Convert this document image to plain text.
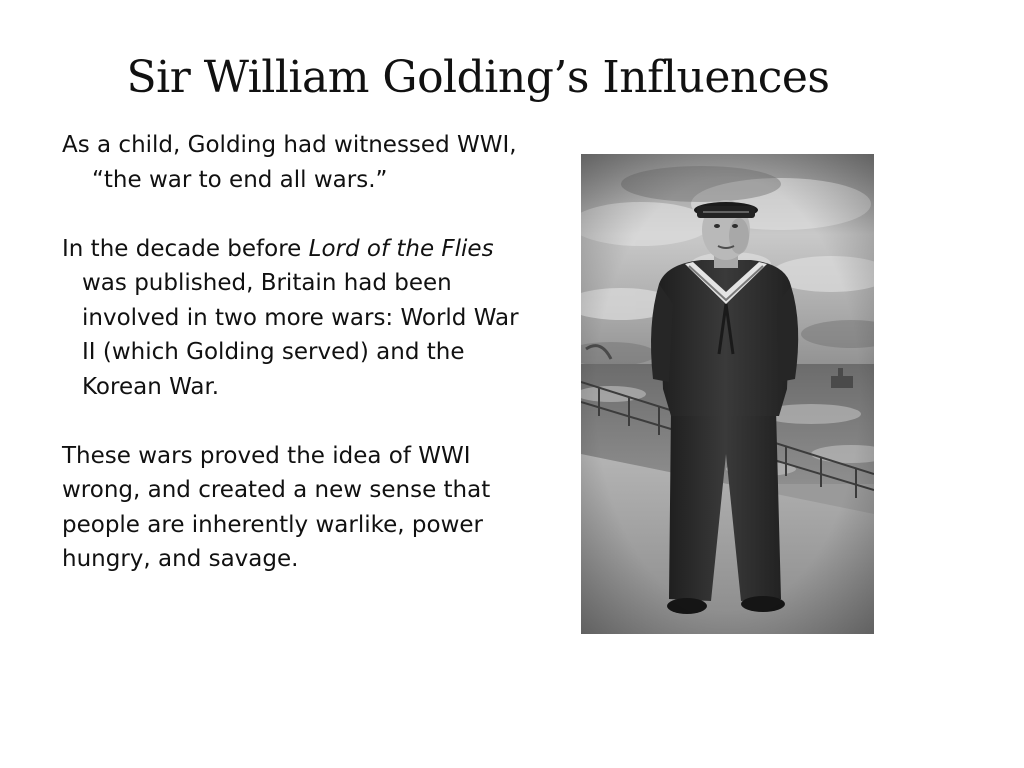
Sir William Golding’s Influences

As a child, Golding had witnessed WWI, “the war to end all wars.”

In the decade before Lord of the Flies was published, Britain had been involved in two more wars: World War II (which Golding served) and the Korean War.

These wars proved the idea of WWI wrong, and created a new sense that people are inherently warlike, power hungry, and savage.
